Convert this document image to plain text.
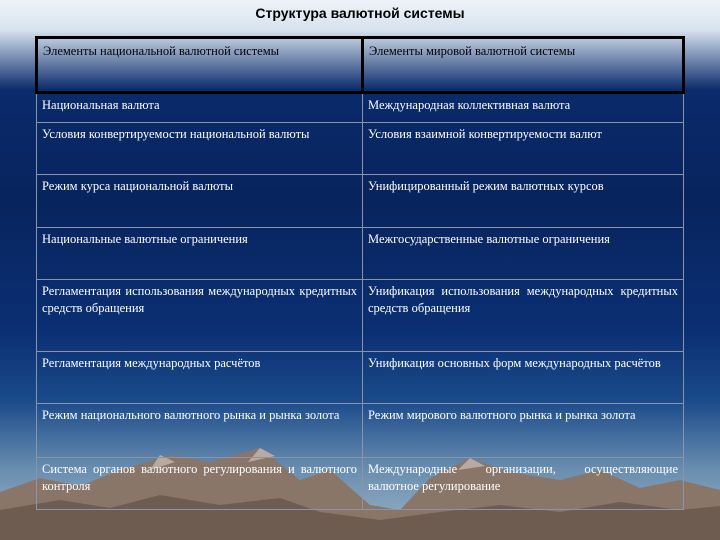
Структура валютной системы
Элементы национальной валютной системы	Элементы мировой валютной системы
Национальная валюта	Международная коллективная валюта
Условия конвертируемости национальной валюты	Условия взаимной конвертируемости валют
Режим курса национальной валюты	Унифицированный режим валютных курсов
Национальные валютные ограничения	Межгосударственные валютные ограничения
Регламентация использования международных кредитных средств обращения	Унификация использования международных кредитных средств обращения
Регламентация международных расчётов	Унификация основных форм международных расчётов
Режим национального валютного рынка и рынка золота	Режим мирового валютного рынка и рынка золота
Система органов валютного регулирования и валютного контроля	Международные организации, осуществляющие валютное регулирование
